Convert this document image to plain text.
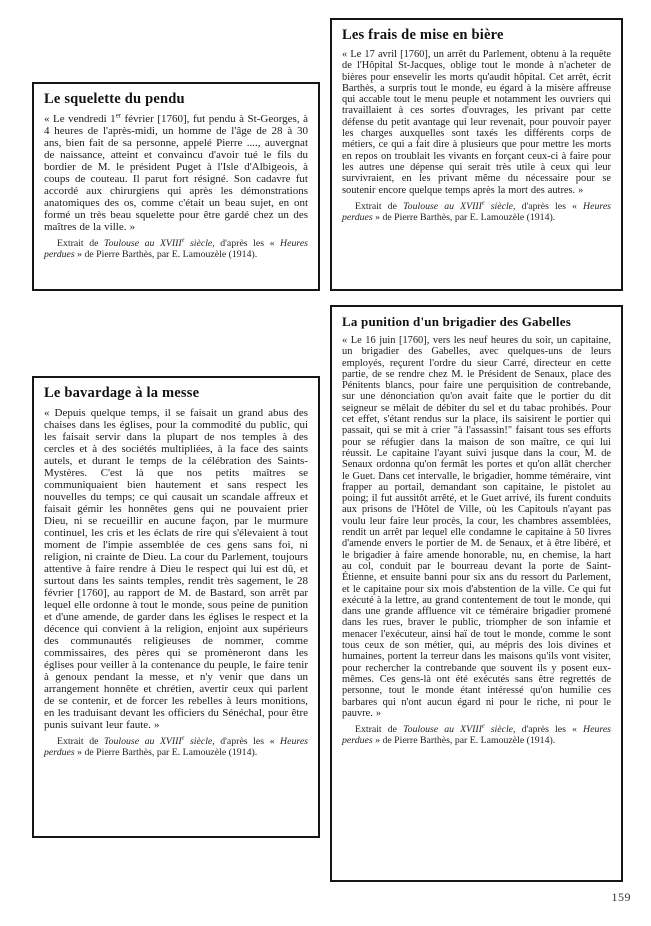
Le squelette du pendu

« Le vendredi 1er février [1760], fut pendu à St-Georges, à 4 heures de l'après-midi, un homme de l'âge de 28 à 30 ans, bien fait de sa personne, appelé Pierre ...., auvergnat de naissance, atteint et convaincu d'avoir tué le fils du bordier de M. le président Puget à l'Isle d'Albigeois, à coups de couteau. Il parut fort résigné. Son cadavre fut accordé aux chirurgiens qui après les démonstrations anatomiques des os, comme c'était un beau sujet, en ont formé un très beau squelette pour être gardé chez un des maîtres de la ville. »

Extrait de Toulouse au XVIIIe siècle, d'après les « Heures perdues » de Pierre Barthès, par E. Lamouzèle (1914).

Les frais de mise en bière

« Le 17 avril [1760], un arrêt du Parlement, obtenu à la requête de l'Hôpital St-Jacques, oblige tout le monde à n'acheter de bières pour ensevelir les morts qu'audit hôpital. Cet arrêt, écrit Barthès, a surpris tout le monde, eu égard à la misère affreuse qui accable tout le menu peuple et notamment les ouvriers qui travaillaient à ces sortes d'ouvrages, les privant par cette défense du petit avantage qui leur revenait, pour pouvoir payer les charges auxquelles sont taxés les différents corps de métiers, ce qui a fait dire à plusieurs que pour mettre les morts en repos on troublait les vivants en forçant ceux-ci à faire pour les autres une dépense qui serait très utile à ceux qui leur survivraient, en les privant même du nécessaire pour se soutenir encore quelque temps après la mort des autres. »

Extrait de Toulouse au XVIIIe siècle, d'après les « Heures perdues » de Pierre Barthès, par E. Lamouzèle (1914).

Le bavardage à la messe

« Depuis quelque temps, il se faisait un grand abus des chaises dans les églises, pour la commodité du public, qui les faisait servir dans la plupart de nos temples à des cercles et à des sociétés multipliées, à la face des saints autels, et durant le temps de la célébration des Saints-Mystères. C'est là que nos petits maîtres se communiquaient bien hautement et sans respect les nouvelles du temps; ce qui causait un scandale affreux et faisait gémir les honnêtes gens qui ne pouvaient prier Dieu, ni se recueillir en aucune façon, par le murmure continuel, les cris et les éclats de rire qui s'élevaient à tout moment de l'impie assemblée de ces gens sans foi, ni religion, ni crainte de Dieu. La cour du Parlement, toujours attentive à faire rendre à Dieu le respect qui lui est dû, et surtout dans les saints temples, rendit très sagement, le 28 février [1760], au rapport de M. de Bastard, son arrêt par lequel elle ordonne à tout le monde, sous peine de punition et d'une amende, de garder dans les églises le respect et la décence qui convient à la religion, enjoint aux supérieurs des communautés religieuses de nommer, comme commissaires, des pères qui se promèneront dans les églises pour veiller à la contenance du peuple, le faire tenir à genoux pendant la messe, et n'y venir que dans un arrangement honnête et chrétien, avertir ceux qui parlent de se contenir, et de forcer les rebelles à leurs monitions, en les traduisant devant les officiers du Sénéchal, pour être punis suivant leur faute. »

Extrait de Toulouse au XVIIIe siècle, d'après les « Heures perdues » de Pierre Barthès, par E. Lamouzèle (1914).

La punition d'un brigadier des Gabelles

« Le 16 juin [1760], vers les neuf heures du soir, un capitaine, un brigadier des Gabelles, avec quelques-uns de leurs employés, reçurent l'ordre du sieur Carré, directeur en cette partie, de se rendre chez M. le Président de Senaux, place des Pénitents blancs, pour faire une perquisition de contrebande, sur une dénonciation qu'on avait faite que le portier du dit seigneur se mêlait de débiter du sel et du tabac prohibés. Pour cet effet, s'étant rendus sur la place, ils saisirent le portier qui passait, qui se mit à crier "à l'assassin!" faisant tous ses efforts pour se réfugier dans la maison de son maître, ce qui lui réussit. Le capitaine l'ayant suivi jusque dans la cour, M. de Senaux ordonna qu'on fermât les portes et qu'on allât chercher le Guet. Dans cet intervalle, le brigadier, homme téméraire, vint frapper au portail, demandant son capitaine, le pistolet au poing; il fut aussitôt arrêté, et le Guet arrivé, ils furent conduits aux prisons de l'Hôtel de Ville, où les Capitouls n'ayant pas voulu leur faire leur procès, la cour, les chambres assemblées, rendit un arrêt par lequel elle condamne le capitaine à 50 livres d'amende envers le portier de M. de Senaux, et à être libéré, et le brigadier à faire amende honorable, nu, en chemise, la hart au col, conduit par le bourreau devant la porte de Saint-Étienne, et ensuite banni pour six ans du ressort du Parlement, et le capitaine pour six mois d'abstention de la ville. Ce qui fut exécuté à la lettre, au grand contentement de tout le monde, qui dans une grande affluence vit ce téméraire brigadier promené dans les rues, braver le public, triompher de son infamie et menacer l'exécuteur, ainsi haï de tout le monde, comme le sont tous ceux de son métier, qui, au mépris des lois divines et humaines, portent la terreur dans les maisons qu'ils vont visiter, pour rechercher la contrebande que souvent ils y posent eux-mêmes. Ces gens-là ont été exécutés sans être regrettés de personne, tout le monde étant intéressé qu'on humilie ces barbares qui n'ont aucun égard ni pour le riche, ni pour le pauvre. »

Extrait de Toulouse au XVIIIe siècle, d'après les « Heures perdues » de Pierre Barthès, par E. Lamouzèle (1914).

159
